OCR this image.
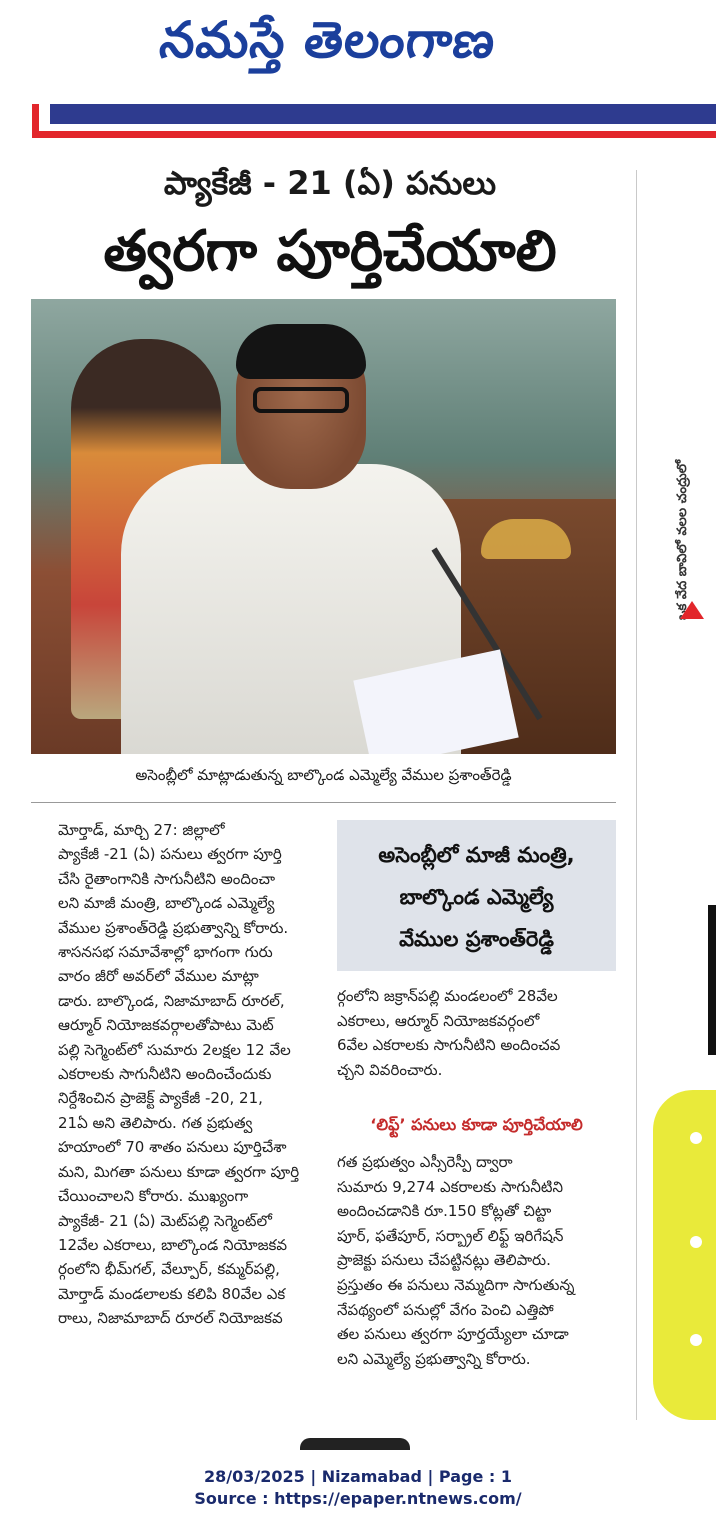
నమస్తే తెలంగాణ
ప్యాకేజీ - 21 (ఏ) పనులు
త్వరగా పూర్తిచేయాలి
అసెంబ్లీలో మాట్లాడుతున్న బాల్కొండ ఎమ్మెల్యే వేముల ప్రశాంత్‌రెడ్డి
మోర్తాడ్, మార్చి 27: జిల్లాలో
ప్యాకేజీ -21 (ఏ) పనులు త్వరగా పూర్తి
చేసి రైతాంగానికి సాగునీటిని అందించా
లని మాజీ మంత్రి, బాల్కొండ ఎమ్మెల్యే
వేముల ప్రశాంత్‌రెడ్డి ప్రభుత్వాన్ని కోరారు.
శాసనసభ సమావేశాల్లో భాగంగా గురు
వారం జీరో అవర్‌లో వేముల మాట్లా
డారు. బాల్కొండ, నిజామాబాద్ రూరల్,
ఆర్మూర్ నియోజకవర్గాలతోపాటు మెట్
పల్లి సెగ్మెంట్‌లో సుమారు 2లక్షల 12 వేల
ఎకరాలకు సాగునీటిని అందించేందుకు
నిర్దేశించిన ప్రాజెక్ట్ ప్యాకేజీ -20, 21,
21ఏ అని తెలిపారు. గత ప్రభుత్వ
హయాంలో 70 శాతం పనులు పూర్తిచేశా
మని, మిగతా పనులు కూడా త్వరగా పూర్తి
చేయించాలని కోరారు. ముఖ్యంగా
ప్యాకేజీ- 21 (ఏ) మెట్‌పల్లి సెగ్మెంట్‌లో
12వేల ఎకరాలు, బాల్కొండ నియోజకవ
ర్గంలోని భీమ్‌గల్, వేల్పూర్, కమ్మర్‌పల్లి,
మోర్తాడ్ మండలాలకు కలిపి 80వేల ఎక
రాలు, నిజామాబాద్ రూరల్ నియోజకవ
అసెంబ్లీలో మాజీ మంత్రి,
బాల్కొండ ఎమ్మెల్యే
వేముల ప్రశాంత్‌రెడ్డి
ర్గంలోని జక్రాన్‌పల్లి మండలంలో 28వేల
ఎకరాలు, ఆర్మూర్ నియోజకవర్గంలో
6వేల ఎకరాలకు సాగునీటిని అందించవ
చ్చని వివరించారు.
‘లిఫ్ట్’ పనులు కూడా పూర్తిచేయాలి
గత ప్రభుత్వం ఎస్సీరెస్పీ ద్వారా
సుమారు 9,274 ఎకరాలకు సాగునీటిని
అందించడానికి రూ.150 కోట్లతో చిట్టా
పూర్, ఫతేపూర్, సర్బ్రాల్ లిఫ్ట్ ఇరిగేషన్
ప్రాజెక్టు పనులు చేపట్టినట్లు తెలిపారు.
ప్రస్తుతం ఈ పనులు నెమ్మదిగా సాగుతున్న
నేపథ్యంలో పనుల్లో వేగం పెంచి ఎత్తిపో
తల పనులు త్వరగా పూర్తయ్యేలా చూడా
లని ఎమ్మెల్యే ప్రభుత్వాన్ని కోరారు.
ఒక వేద బావిలో వలల చంద్రులో
28/03/2025 | Nizamabad | Page : 1
Source : https://epaper.ntnews.com/
